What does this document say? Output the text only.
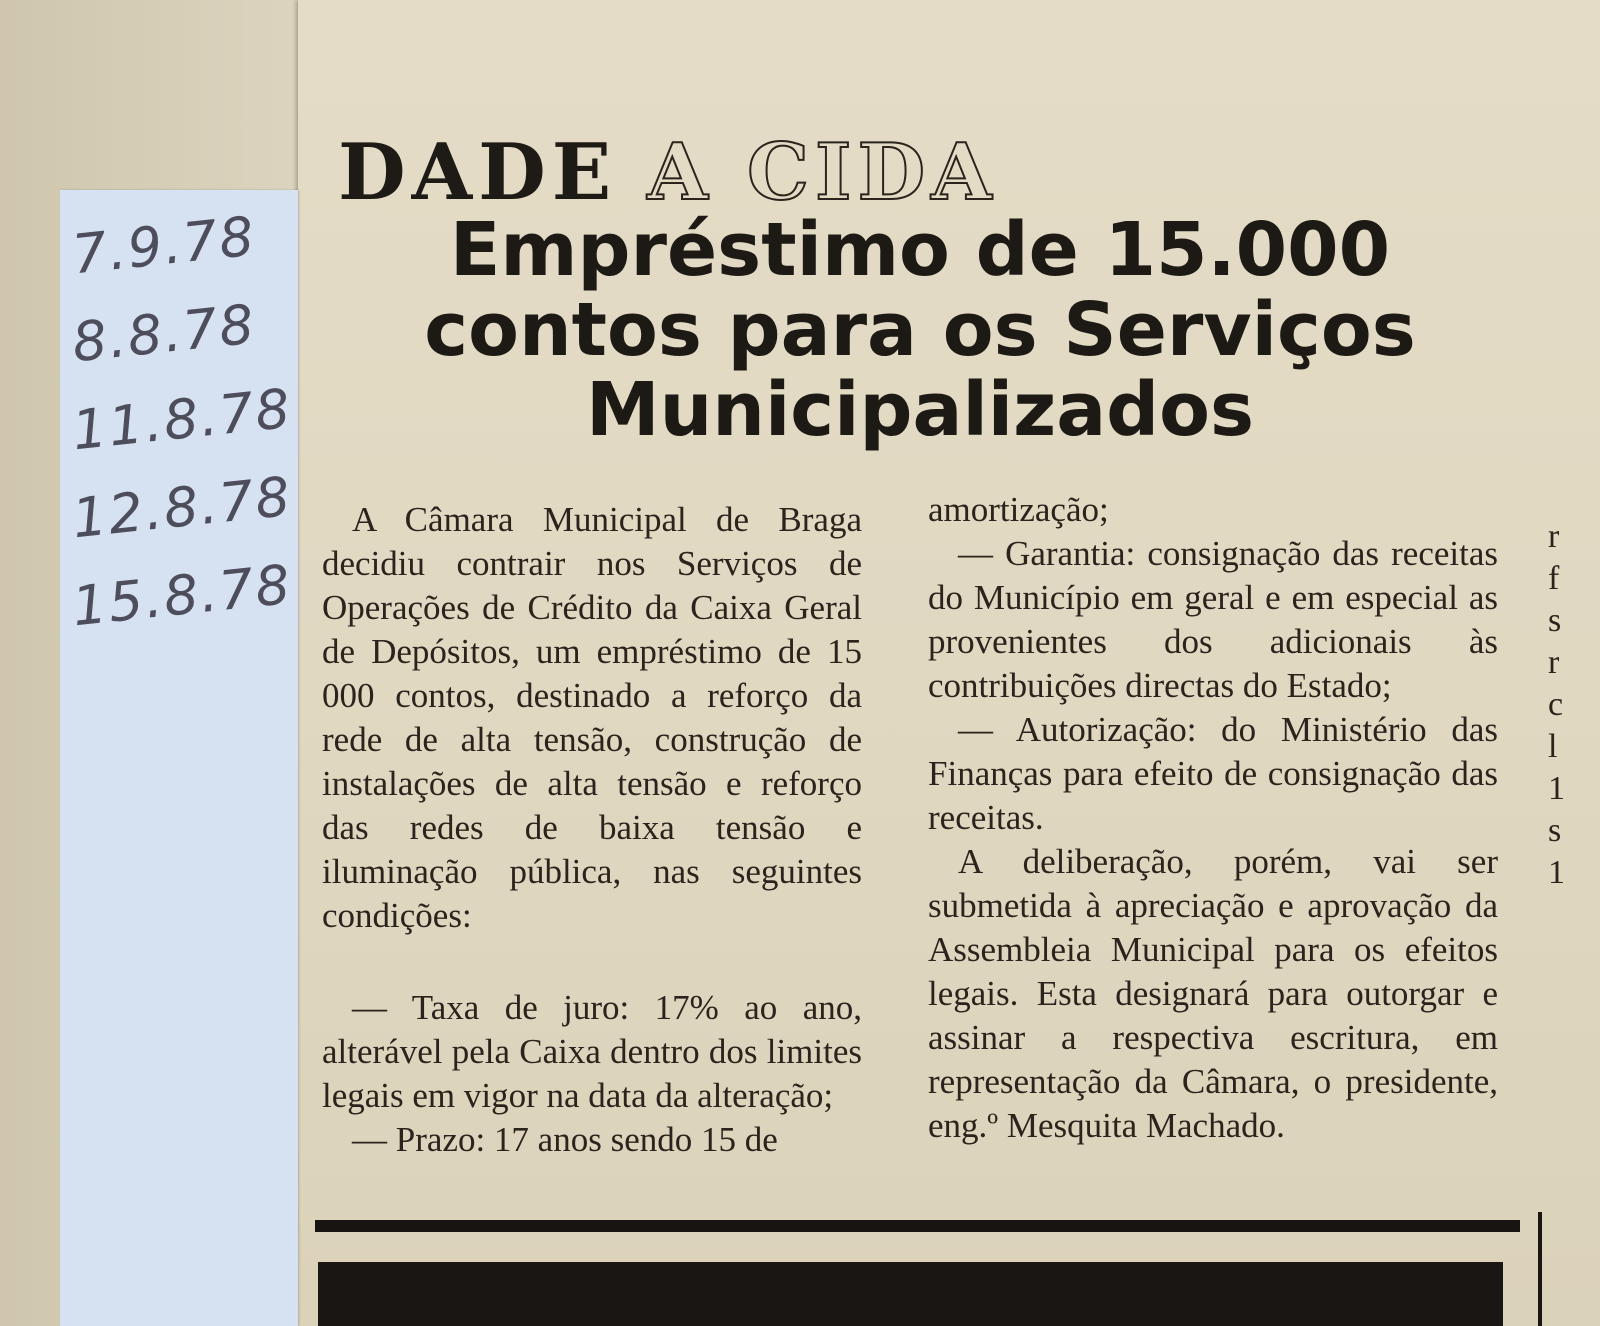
7.9.78
8.8.78
11.8.78
12.8.78
15.8.78
DADE A CIDA
Empréstimo de 15.000 contos para os Serviços Municipalizados

A Câmara Municipal de Braga decidiu contrair nos Serviços de Operações de Crédito da Caixa Geral de Depósitos, um empréstimo de 15 000 contos, destinado a reforço da rede de alta tensão, construção de instalações de alta tensão e reforço das redes de baixa tensão e iluminação pública, nas seguintes condições:

— Taxa de juro: 17% ao ano, alterável pela Caixa dentro dos limites legais em vigor na data da alteração;

— Prazo: 17 anos sendo 15 de

amortização;

— Garantia: consignação das receitas do Município em geral e em especial as provenientes dos adicionais às contribuições directas do Estado;

— Autorização: do Ministério das Finanças para efeito de consignação das receitas.

A deliberação, porém, vai ser submetida à apreciação e aprovação da Assembleia Municipal para os efeitos legais. Esta designará para outorgar e assinar a respectiva escritura, em representação da Câmara, o presidente, eng.º Mesquita Machado.

r
f
s
r
c
l
1
s
1
